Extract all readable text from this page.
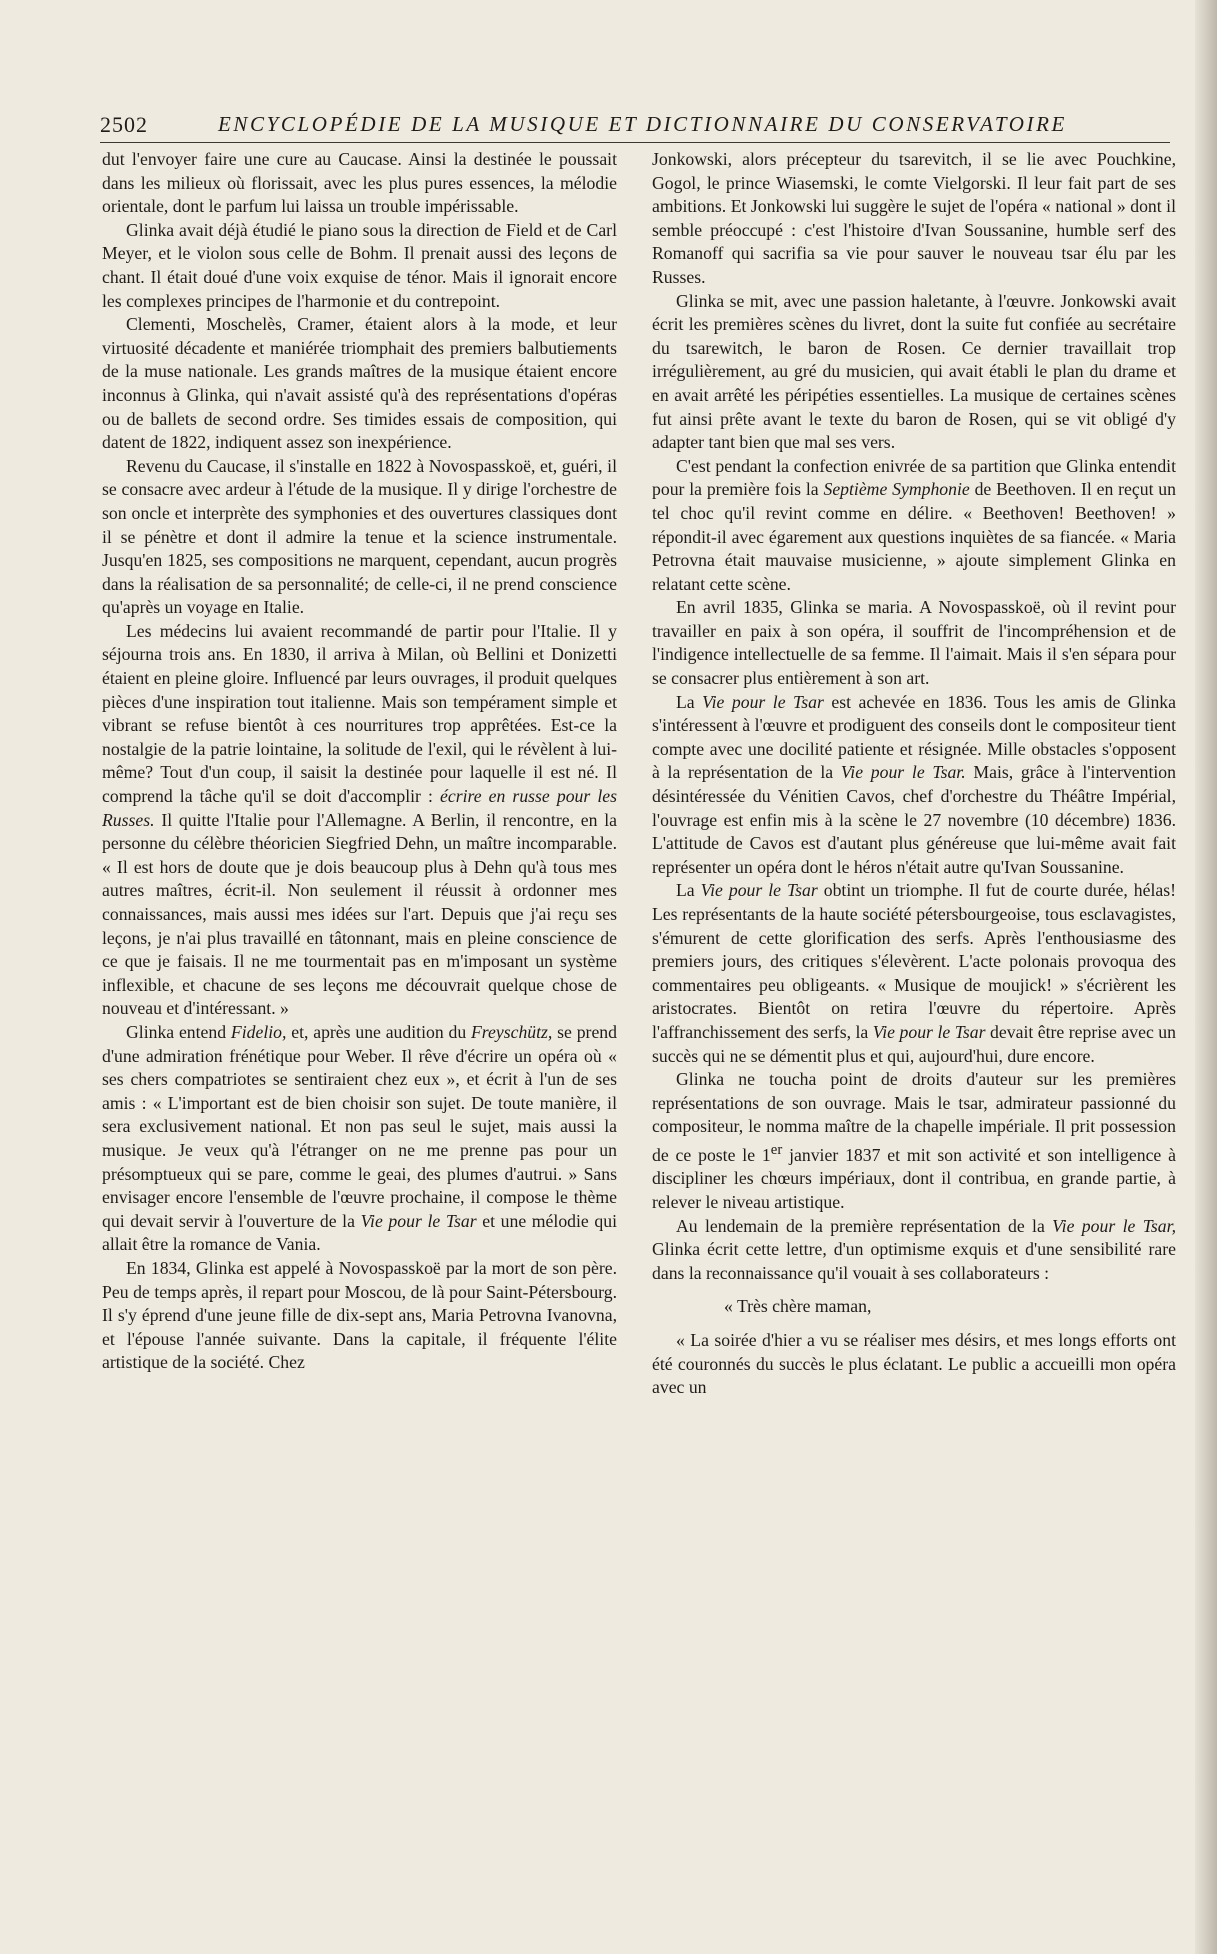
2502	ENCYCLOPÉDIE DE LA MUSIQUE ET DICTIONNAIRE DU CONSERVATOIRE

dut l'envoyer faire une cure au Caucase. Ainsi la destinée le poussait dans les milieux où florissait, avec les plus pures essences, la mélodie orientale, dont le parfum lui laissa un trouble impérissable.

Glinka avait déjà étudié le piano sous la direction de Field et de Carl Meyer, et le violon sous celle de Bohm. Il prenait aussi des leçons de chant. Il était doué d'une voix exquise de ténor. Mais il ignorait encore les complexes principes de l'harmonie et du contrepoint.

Clementi, Moschelès, Cramer, étaient alors à la mode, et leur virtuosité décadente et maniérée triomphait des premiers balbutiements de la muse nationale. Les grands maîtres de la musique étaient encore inconnus à Glinka, qui n'avait assisté qu'à des représentations d'opéras ou de ballets de second ordre. Ses timides essais de composition, qui datent de 1822, indiquent assez son inexpérience.

Revenu du Caucase, il s'installe en 1822 à Novospasskoë, et, guéri, il se consacre avec ardeur à l'étude de la musique. Il y dirige l'orchestre de son oncle et interprète des symphonies et des ouvertures classiques dont il se pénètre et dont il admire la tenue et la science instrumentale. Jusqu'en 1825, ses compositions ne marquent, cependant, aucun progrès dans la réalisation de sa personnalité; de celle-ci, il ne prend conscience qu'après un voyage en Italie.

Les médecins lui avaient recommandé de partir pour l'Italie. Il y séjourna trois ans. En 1830, il arriva à Milan, où Bellini et Donizetti étaient en pleine gloire. Influencé par leurs ouvrages, il produit quelques pièces d'une inspiration tout italienne. Mais son tempérament simple et vibrant se refuse bientôt à ces nourritures trop apprêtées. Est-ce la nostalgie de la patrie lointaine, la solitude de l'exil, qui le révèlent à lui-même? Tout d'un coup, il saisit la destinée pour laquelle il est né. Il comprend la tâche qu'il se doit d'accomplir : écrire en russe pour les Russes. Il quitte l'Italie pour l'Allemagne. A Berlin, il rencontre, en la personne du célèbre théoricien Siegfried Dehn, un maître incomparable. « Il est hors de doute que je dois beaucoup plus à Dehn qu'à tous mes autres maîtres, écrit-il. Non seulement il réussit à ordonner mes connaissances, mais aussi mes idées sur l'art. Depuis que j'ai reçu ses leçons, je n'ai plus travaillé en tâtonnant, mais en pleine conscience de ce que je faisais. Il ne me tourmentait pas en m'imposant un système inflexible, et chacune de ses leçons me découvrait quelque chose de nouveau et d'intéressant. »

Glinka entend Fidelio, et, après une audition du Freyschütz, se prend d'une admiration frénétique pour Weber. Il rêve d'écrire un opéra où « ses chers compatriotes se sentiraient chez eux », et écrit à l'un de ses amis : « L'important est de bien choisir son sujet. De toute manière, il sera exclusivement national. Et non pas seul le sujet, mais aussi la musique. Je veux qu'à l'étranger on ne me prenne pas pour un présomptueux qui se pare, comme le geai, des plumes d'autrui. » Sans envisager encore l'ensemble de l'œuvre prochaine, il compose le thème qui devait servir à l'ouverture de la Vie pour le Tsar et une mélodie qui allait être la romance de Vania.

En 1834, Glinka est appelé à Novospasskoë par la mort de son père. Peu de temps après, il repart pour Moscou, de là pour Saint-Pétersbourg. Il s'y éprend d'une jeune fille de dix-sept ans, Maria Petrovna Ivanovna, et l'épouse l'année suivante. Dans la capitale, il fréquente l'élite artistique de la société. Chez

Jonkowski, alors précepteur du tsarevitch, il se lie avec Pouchkine, Gogol, le prince Wiasemski, le comte Vielgorski. Il leur fait part de ses ambitions. Et Jonkowski lui suggère le sujet de l'opéra « national » dont il semble préoccupé : c'est l'histoire d'Ivan Soussanine, humble serf des Romanoff qui sacrifia sa vie pour sauver le nouveau tsar élu par les Russes.

Glinka se mit, avec une passion haletante, à l'œuvre. Jonkowski avait écrit les premières scènes du livret, dont la suite fut confiée au secrétaire du tsarewitch, le baron de Rosen. Ce dernier travaillait trop irrégulièrement, au gré du musicien, qui avait établi le plan du drame et en avait arrêté les péripéties essentielles. La musique de certaines scènes fut ainsi prête avant le texte du baron de Rosen, qui se vit obligé d'y adapter tant bien que mal ses vers.

C'est pendant la confection enivrée de sa partition que Glinka entendit pour la première fois la Septième Symphonie de Beethoven. Il en reçut un tel choc qu'il revint comme en délire. « Beethoven! Beethoven! » répondit-il avec égarement aux questions inquiètes de sa fiancée. « Maria Petrovna était mauvaise musicienne, » ajoute simplement Glinka en relatant cette scène.

En avril 1835, Glinka se maria. A Novospasskoë, où il revint pour travailler en paix à son opéra, il souffrit de l'incompréhension et de l'indigence intellectuelle de sa femme. Il l'aimait. Mais il s'en sépara pour se consacrer plus entièrement à son art.

La Vie pour le Tsar est achevée en 1836. Tous les amis de Glinka s'intéressent à l'œuvre et prodiguent des conseils dont le compositeur tient compte avec une docilité patiente et résignée. Mille obstacles s'opposent à la représentation de la Vie pour le Tsar. Mais, grâce à l'intervention désintéressée du Vénitien Cavos, chef d'orchestre du Théâtre Impérial, l'ouvrage est enfin mis à la scène le 27 novembre (10 décembre) 1836. L'attitude de Cavos est d'autant plus généreuse que lui-même avait fait représenter un opéra dont le héros n'était autre qu'Ivan Soussanine.

La Vie pour le Tsar obtint un triomphe. Il fut de courte durée, hélas! Les représentants de la haute société pétersbourgeoise, tous esclavagistes, s'émurent de cette glorification des serfs. Après l'enthousiasme des premiers jours, des critiques s'élevèrent. L'acte polonais provoqua des commentaires peu obligeants. « Musique de moujick! » s'écrièrent les aristocrates. Bientôt on retira l'œuvre du répertoire. Après l'affranchissement des serfs, la Vie pour le Tsar devait être reprise avec un succès qui ne se démentit plus et qui, aujourd'hui, dure encore.

Glinka ne toucha point de droits d'auteur sur les premières représentations de son ouvrage. Mais le tsar, admirateur passionné du compositeur, le nomma maître de la chapelle impériale. Il prit possession de ce poste le 1er janvier 1837 et mit son activité et son intelligence à discipliner les chœurs impériaux, dont il contribua, en grande partie, à relever le niveau artistique.

Au lendemain de la première représentation de la Vie pour le Tsar, Glinka écrit cette lettre, d'un optimisme exquis et d'une sensibilité rare dans la reconnaissance qu'il vouait à ses collaborateurs :

« Très chère maman,

« La soirée d'hier a vu se réaliser mes désirs, et mes longs efforts ont été couronnés du succès le plus éclatant. Le public a accueilli mon opéra avec un
